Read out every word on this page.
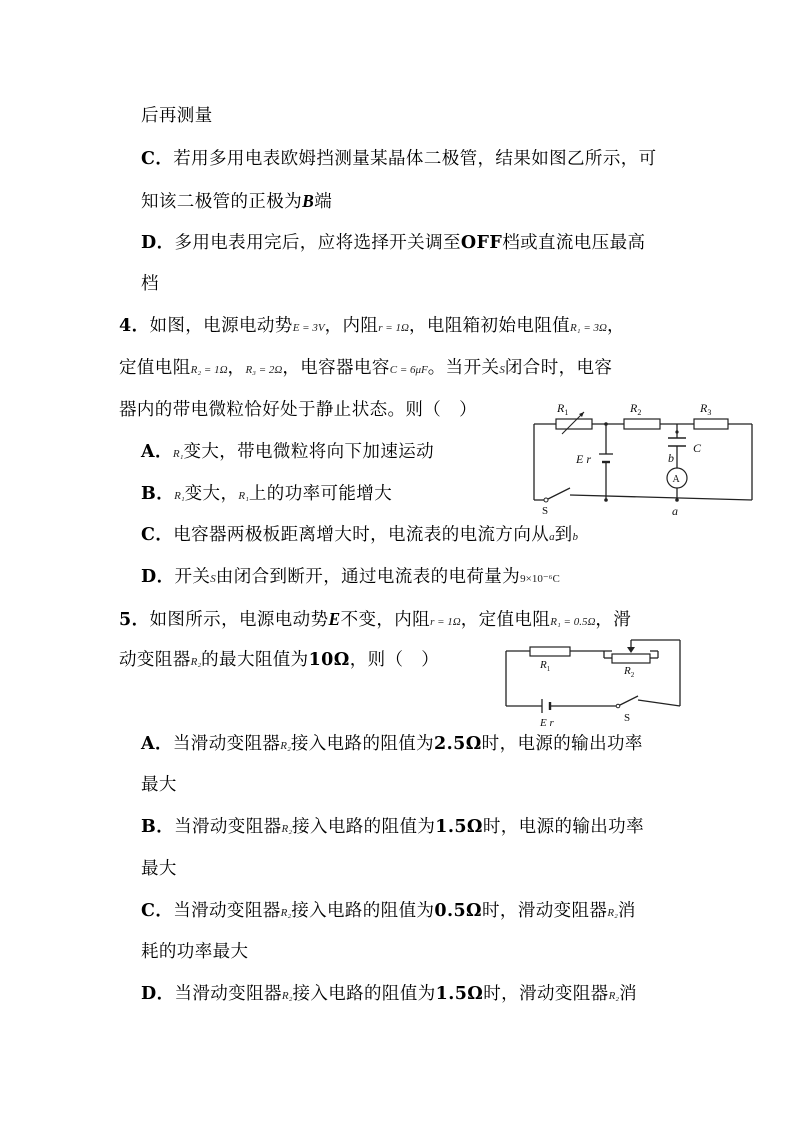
后再测量
C．若用多用电表欧姆挡测量某晶体二极管，结果如图乙所示，可
知该二极管的正极为B端
D．多用电表用完后，应将选择开关调至OFF档或直流电压最高
档
4．如图，电源电动势E = 3V，内阻r = 1Ω，电阻箱初始电阻值R₁ = 3Ω，
定值电阻R₂ = 1Ω，R₃ = 2Ω，电容器电容C = 6μF。当开关S闭合时，电容
器内的带电微粒恰好处于静止状态。则（　）
A．R₁变大，带电微粒将向下加速运动
B．R₁变大，R₁上的功率可能增大
C．电容器两极板距离增大时，电流表的电流方向从a到b
D．开关S由闭合到断开，通过电流表的电荷量为9×10⁻⁶C
$R_1$	$R_2$	$R_3$
C
b
E r
a
A
S
5．如图所示，电源电动势E不变，内阻r = 1Ω，定值电阻R₁ = 0.5Ω，滑
动变阻器R₂的最大阻值为10Ω，则（　）	$R_1$	$R_2$
E r	S
A．当滑动变阻器R₂接入电路的阻值为2.5Ω时，电源的输出功率
最大
B．当滑动变阻器R₂接入电路的阻值为1.5Ω时，电源的输出功率
最大
C．当滑动变阻器R₂接入电路的阻值为0.5Ω时，滑动变阻器R₂消
耗的功率最大
D．当滑动变阻器R₂接入电路的阻值为1.5Ω时，滑动变阻器R₂消
